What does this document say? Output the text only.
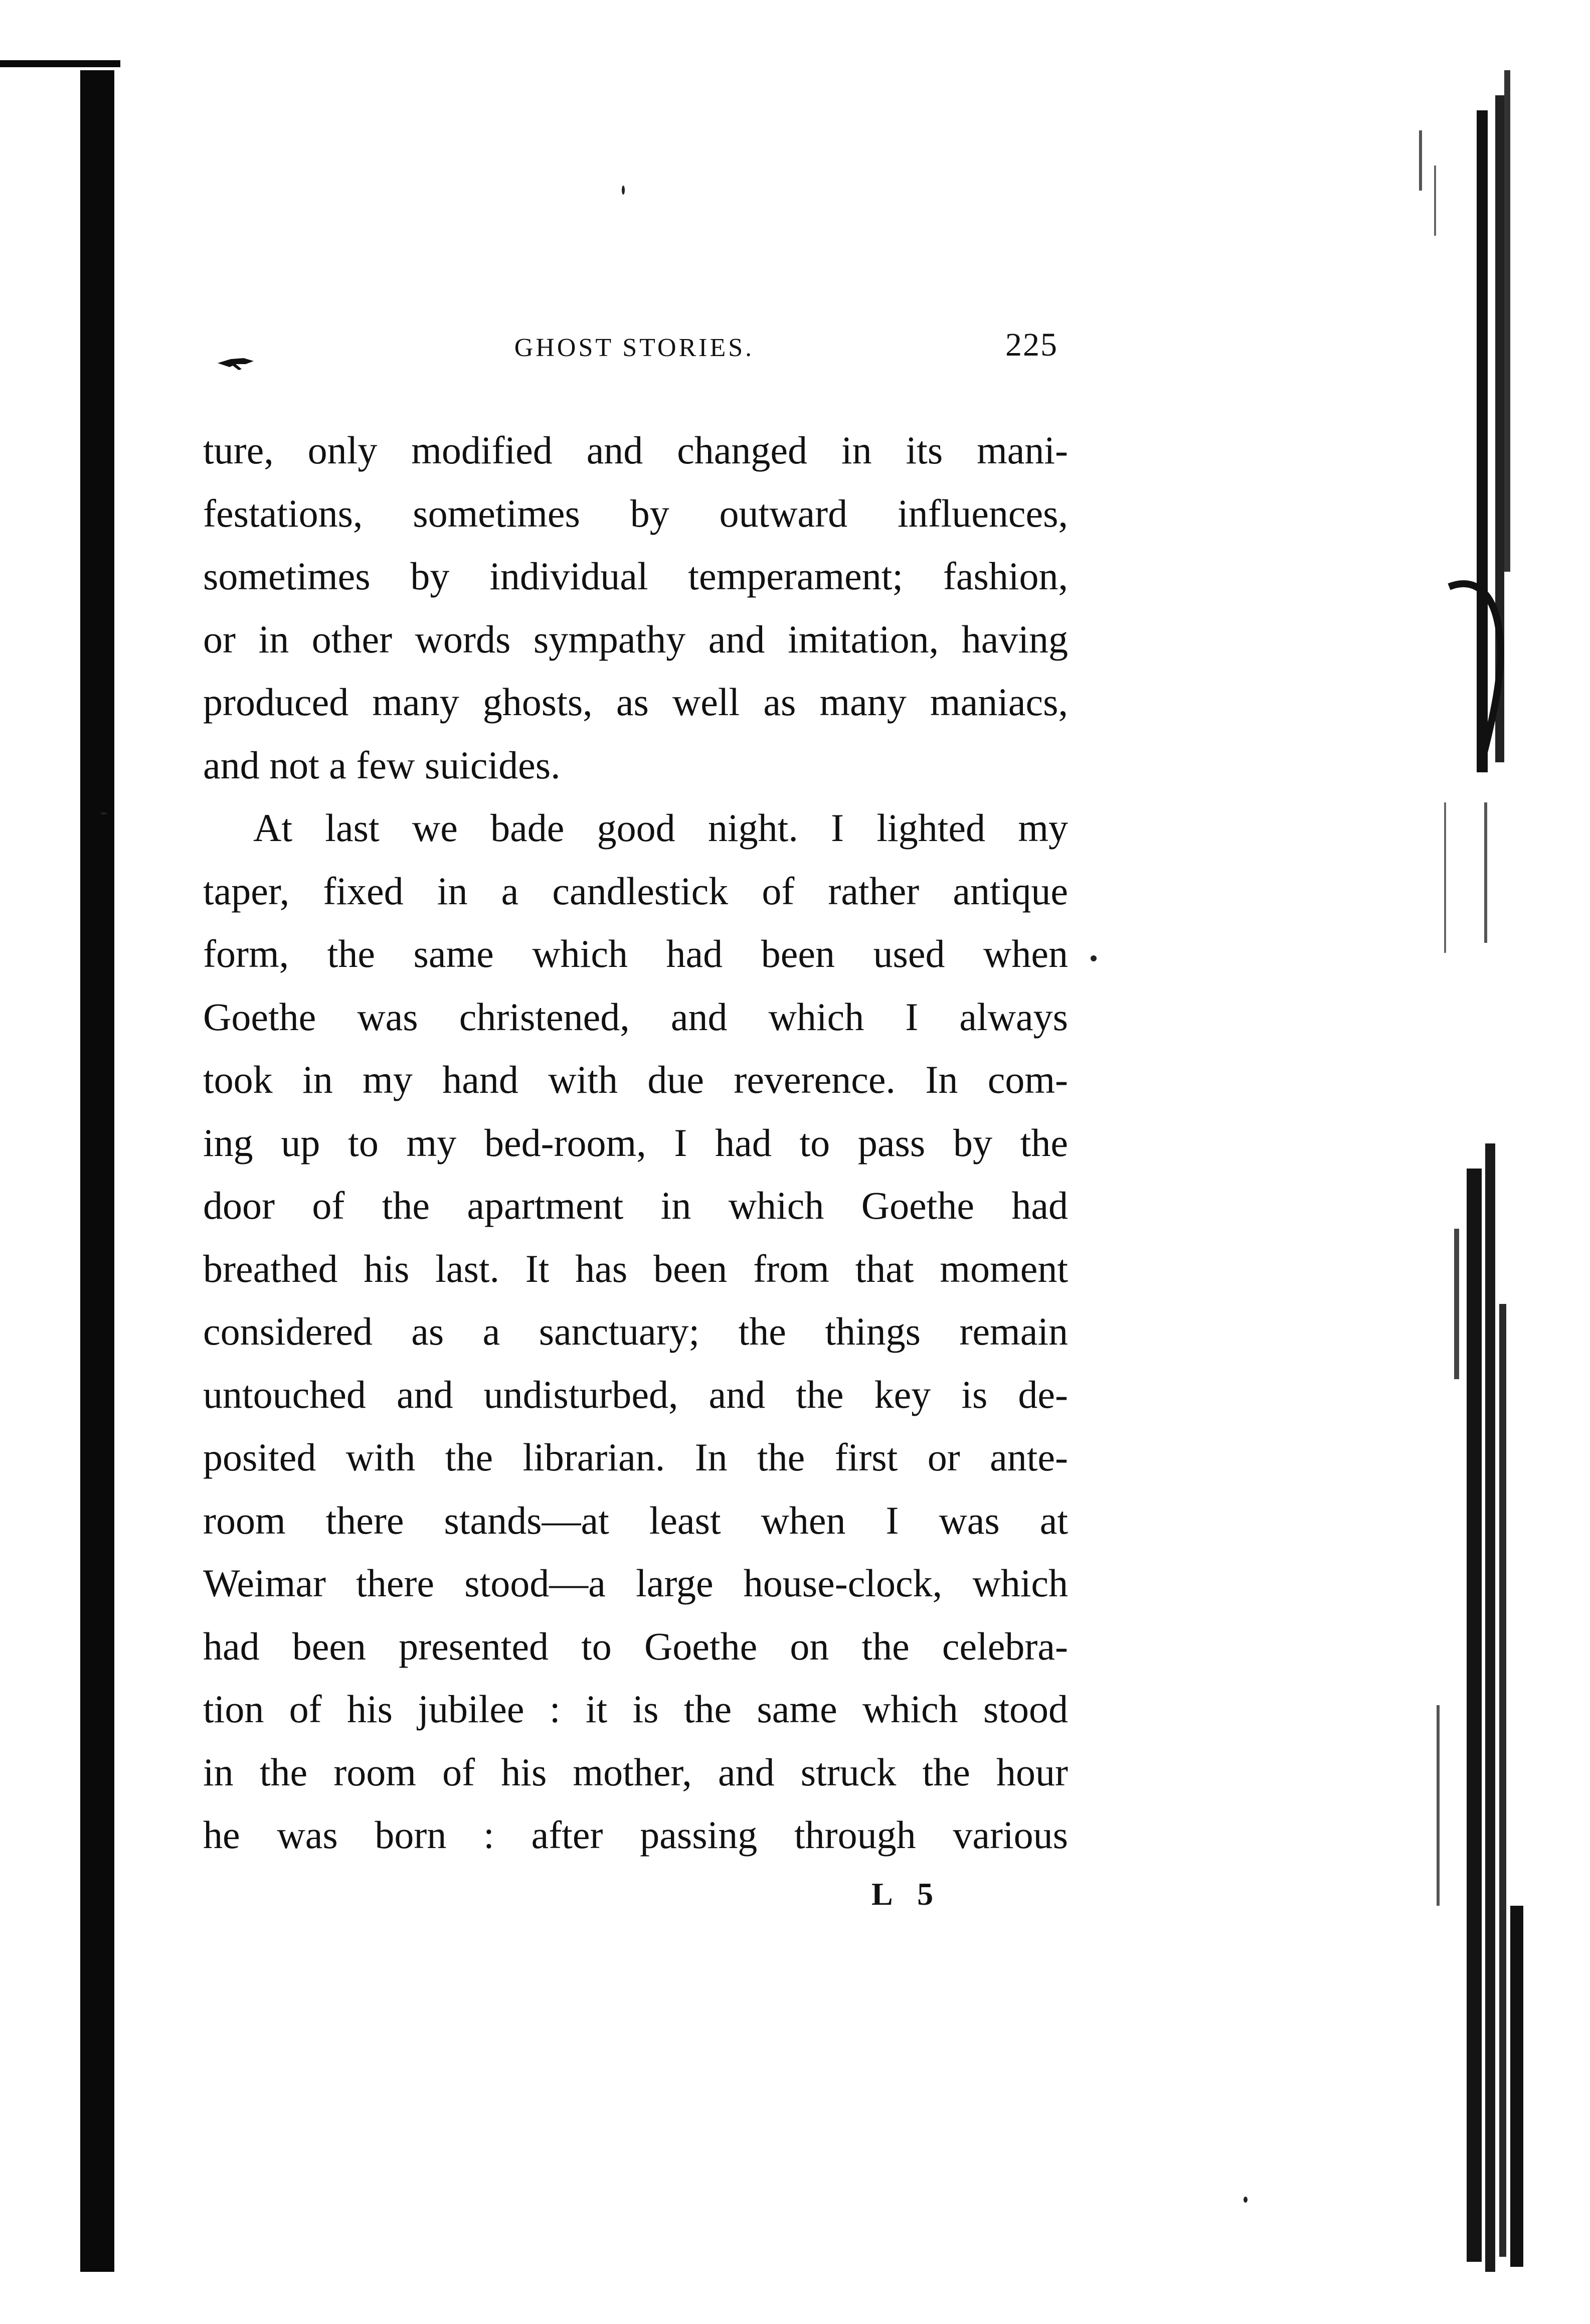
GHOST STORIES.	225

ture, only modified and changed in its mani-

festations, sometimes by outward influences,

sometimes by individual temperament; fashion,

or in other words sympathy and imitation, having

produced many ghosts, as well as many maniacs,

and not a few suicides.

At last we bade good night. I lighted my

taper, fixed in a candlestick of rather antique

form, the same which had been used when

Goethe was christened, and which I always

took in my hand with due reverence. In com-

ing up to my bed-room, I had to pass by the

door of the apartment in which Goethe had

breathed his last. It has been from that moment

considered as a sanctuary; the things remain

untouched and undisturbed, and the key is de-

posited with the librarian. In the first or ante-

room there stands—at least when I was at

Weimar there stood—a large house-clock, which

had been presented to Goethe on the celebra-

tion of his jubilee : it is the same which stood

in the room of his mother, and struck the hour

he was born : after passing through various

L 5
